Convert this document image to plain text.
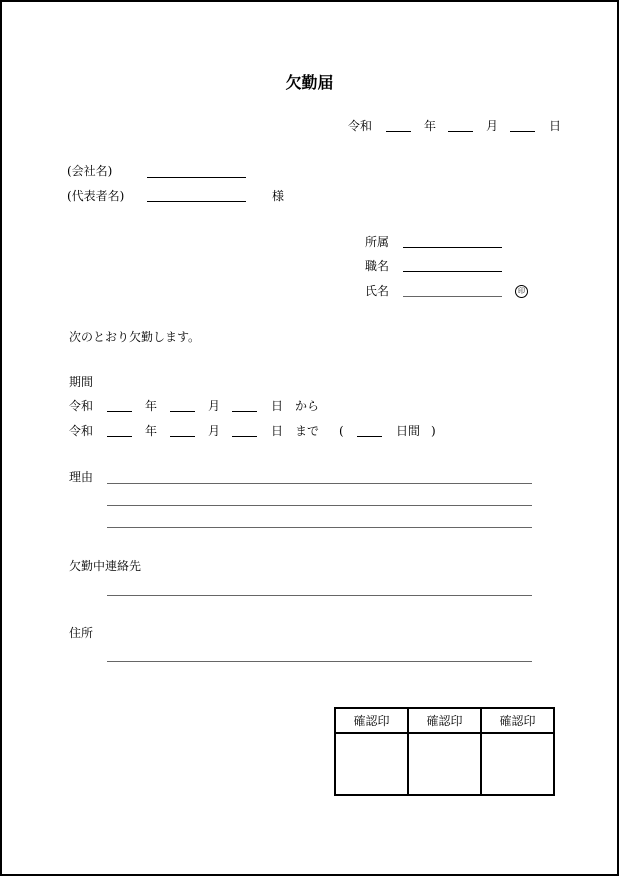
欠勤届
令和	年	月	日
(会社名)
(代表者名)	様
所属
職名
氏名	印
次のとおり欠勤します。
期間
令和	年	月	日 から
令和	年	月	日 まで (	日間 )
理由
欠勤中連絡先
住所
確認印	確認印	確認印
